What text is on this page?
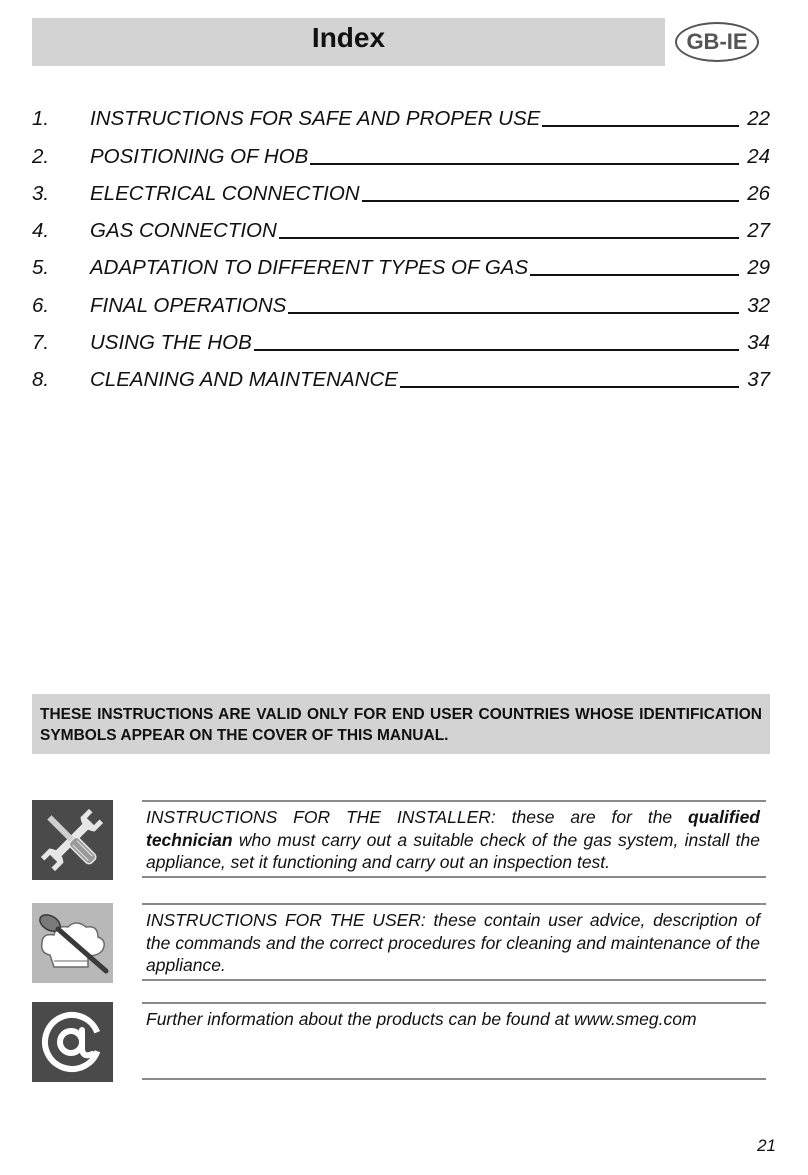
Index	GB-IE
1.	INSTRUCTIONS FOR SAFE AND PROPER USE	22
2.	POSITIONING OF HOB	24
3.	ELECTRICAL CONNECTION	26
4.	GAS CONNECTION	27
5.	ADAPTATION TO DIFFERENT TYPES OF GAS	29
6.	FINAL OPERATIONS	32
7.	USING THE HOB	34
8.	CLEANING AND MAINTENANCE	37
THESE INSTRUCTIONS ARE VALID ONLY FOR END USER COUNTRIES WHOSE IDENTIFICATION SYMBOLS APPEAR ON THE COVER OF THIS MANUAL.
INSTRUCTIONS FOR THE INSTALLER: these are for the qualified technician who must carry out a suitable check of the gas system, install the appliance, set it functioning and carry out an inspection test.
INSTRUCTIONS FOR THE USER: these contain user advice, description of the commands and the correct procedures for cleaning and maintenance of the appliance.
Further information about the products can be found at www.smeg.com
21
